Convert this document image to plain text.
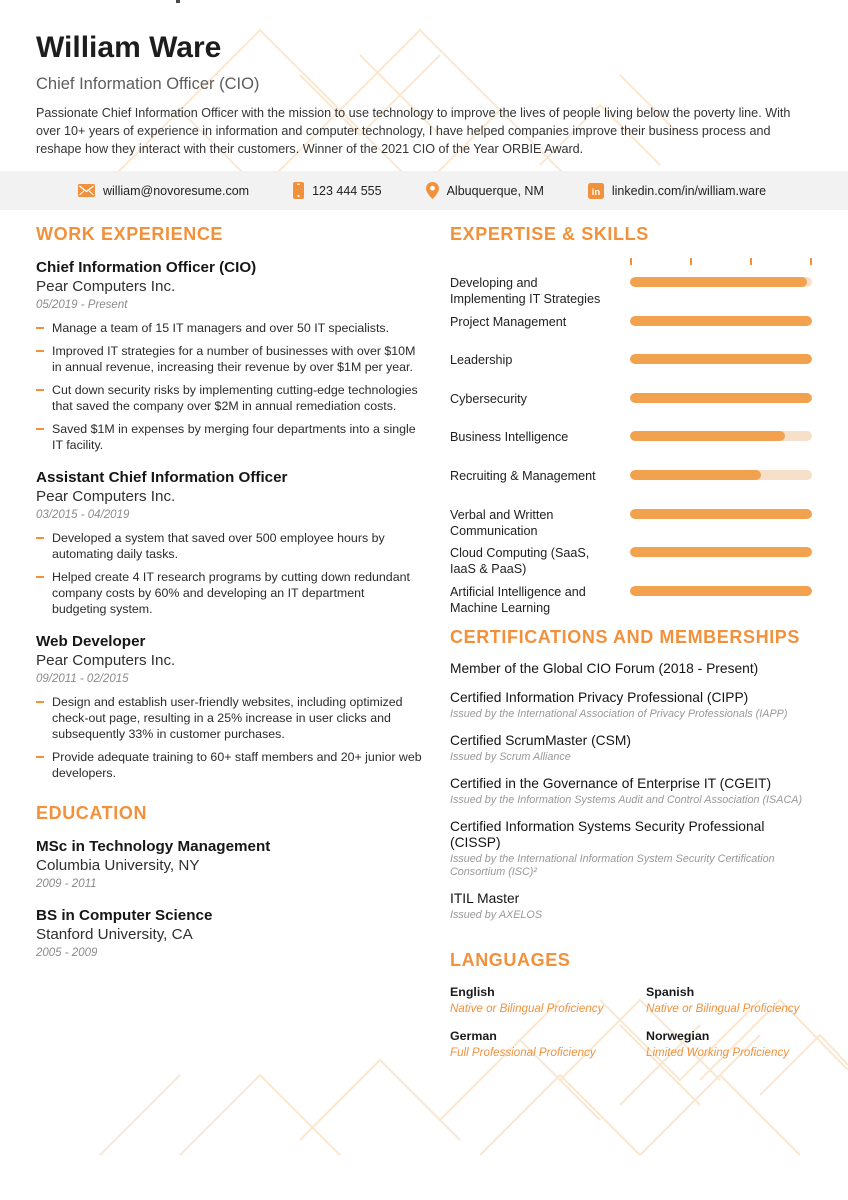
William Ware
Chief Information Officer (CIO)
Passionate Chief Information Officer with the mission to use technology to improve the lives of people living below the poverty line. With over 10+ years of experience in information and computer technology, I have helped companies improve their business process and reshape how they interact with their customers. Winner of the 2021 CIO of the Year ORBIE Award.
william@novoresume.com	123 444 555	Albuquerque, NM	in linkedin.com/in/william.ware
WORK EXPERIENCE
Chief Information Officer (CIO)
Pear Computers Inc.
05/2019 - Present
Manage a team of 15 IT managers and over 50 IT specialists.
Improved IT strategies for a number of businesses with over $10M in annual revenue, increasing their revenue by over $1M per year.
Cut down security risks by implementing cutting-edge technologies that saved the company over $2M in annual remediation costs.
Saved $1M in expenses by merging four departments into a single IT facility.
Assistant Chief Information Officer
Pear Computers Inc.
03/2015 - 04/2019
Developed a system that saved over 500 employee hours by automating daily tasks.
Helped create 4 IT research programs by cutting down redundant company costs by 60% and developing an IT department budgeting system.
Web Developer
Pear Computers Inc.
09/2011 - 02/2015
Design and establish user-friendly websites, including optimized check-out page, resulting in a 25% increase in user clicks and subsequently 33% in customer purchases.
Provide adequate training to 60+ staff members and 20+ junior web developers.
EDUCATION
MSc in Technology Management
Columbia University, NY
2009 - 2011
BS in Computer Science
Stanford University, CA
2005 - 2009
EXPERTISE & SKILLS
Developing and Implementing IT Strategies
Project Management
Leadership
Cybersecurity
Business Intelligence
Recruiting & Management
Verbal and Written Communication
Cloud Computing (SaaS, IaaS & PaaS)
Artificial Intelligence and Machine Learning
CERTIFICATIONS AND MEMBERSHIPS
Member of the Global CIO Forum (2018 - Present)
Certified Information Privacy Professional (CIPP)
Issued by the International Association of Privacy Professionals (IAPP)
Certified ScrumMaster (CSM)
Issued by Scrum Alliance
Certified in the Governance of Enterprise IT (CGEIT)
Issued by the Information Systems Audit and Control Association (ISACA)
Certified Information Systems Security Professional (CISSP)
Issued by the International Information System Security Certification Consortium (ISC)²
ITIL Master
Issued by AXELOS
LANGUAGES
English
Native or Bilingual Proficiency
Spanish
Native or Bilingual Proficiency
German
Full Professional Proficiency
Norwegian
Limited Working Proficiency
